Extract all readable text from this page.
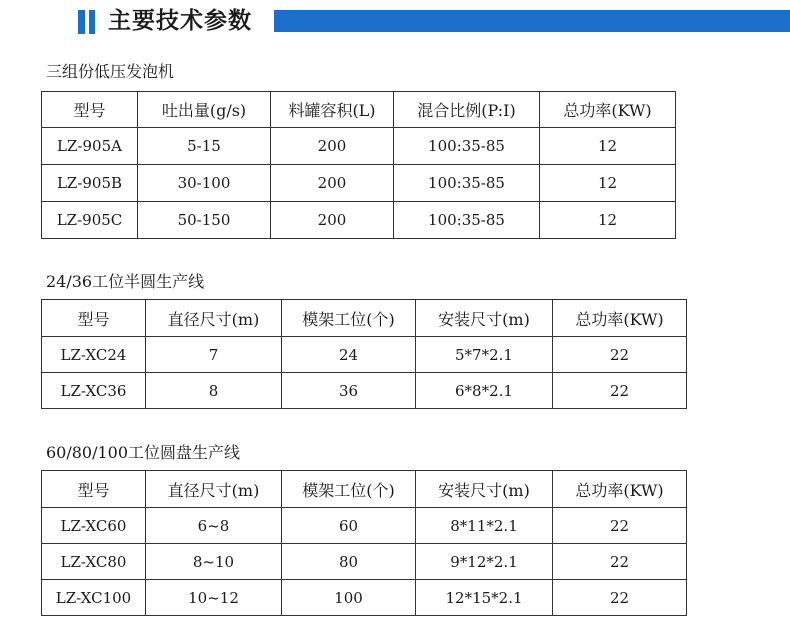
主要技术参数
三组份低压发泡机
型号	吐出量(g/s)	料罐容积(L)	混合比例(P:I)	总功率(KW)
LZ-905A	5-15	200	100:35-85	12
LZ-905B	30-100	200	100:35-85	12
LZ-905C	50-150	200	100:35-85	12
24/36工位半圆生产线
型号	直径尺寸(m)	模架工位(个)	安装尺寸(m)	总功率(KW)
LZ-XC24	7	24	5*7*2.1	22
LZ-XC36	8	36	6*8*2.1	22
60/80/100工位圆盘生产线
型号	直径尺寸(m)	模架工位(个)	安装尺寸(m)	总功率(KW)
LZ-XC60	6~8	60	8*11*2.1	22
LZ-XC80	8~10	80	9*12*2.1	22
LZ-XC100	10~12	100	12*15*2.1	22
